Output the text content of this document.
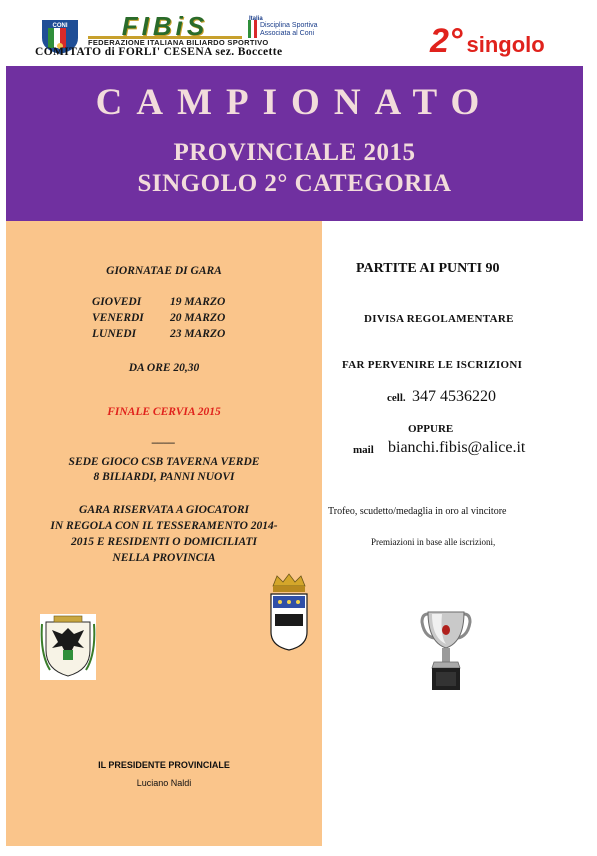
CONI	FIBiS
FEDERAZIONE ITALIANA BILIARDO SPORTIVO
Italia
Disciplina Sportiva
Associata al Coni
COMITATO di FORLI' CESENA sez. Boccette	2° singolo
CAMPIONATO
PROVINCIALE 2015
SINGOLO 2° CATEGORIA
GIORNATAE DI GARA
GIOVEDI	19 MARZO
VENERDI 20 MARZO
LUNEDI	23 MARZO
DA ORE 20,30
FINALE CERVIA 2015
____
SEDE GIOCO CSB TAVERNA VERDE
8 BILIARDI, PANNI NUOVI
GARA RISERVATA A GIOCATORI
IN REGOLA CON IL TESSERAMENTO 2014-
2015 E RESIDENTI O DOMICILIATI
NELLA PROVINCIA
IL PRESIDENTE PROVINCIALE
Luciano Naldi
PARTITE AI PUNTI 90
DIVISA REGOLAMENTARE
FAR PERVENIRE LE ISCRIZIONI
cell. 347 4536220
OPPURE
mail bianchi.fibis@alice.it
Trofeo, scudetto/medaglia in oro al vincitore
Premiazioni in base alle iscrizioni,
